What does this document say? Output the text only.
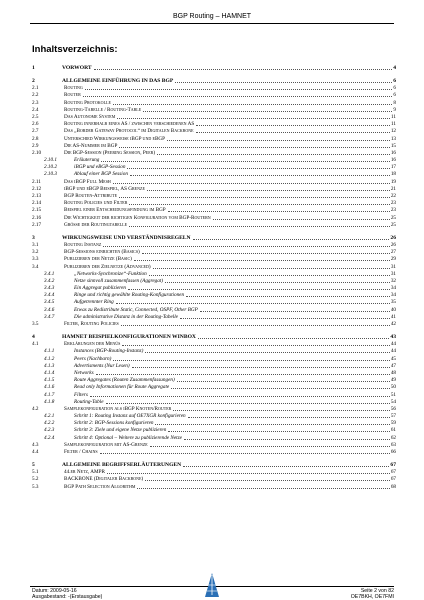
BGP Routing – HAMNET
Inhaltsverzeichnis:
1	VORWORT	4
2	ALLGEMEINE EINFÜHRUNG IN DAS BGP	6
2.1	Routing	6
2.2	Router	6
2.3	Routing Protokolle	8
2.4	Routing-Tabelle / Routing-Table	9
2.5	Das Autonome System	11
2.6	Routing innerhalb eines AS / zwischen verschiedenen AS	11
2.7	Das „Border Gateway Protocol“ im Digitalen Backbone	12
2.8	Unterschied Wirkungsweise iBGP und eBGP	13
2.9	Die AS-Nummer im BGP	15
2.10	Die BGP-Session (Peering Session, Peer)	16
2.10.1	Erläuterung	16
2.10.2	iBGP und eBGP-Session	17
2.10.3	Ablauf einer BGP Session	18
2.11	Das iBGP Full Mesh	19
2.12	iBGP und eBGP Beispiel, AS Grenze	21
2.13	BGP Routen-Attribute	22
2.14	Routing Policies und Filter	23
2.15	Beispiel einer Entscheidungsfindung im BGP	23
2.16	Die Wichtigkeit der richtigen Konfiguration vom BGP-Routern	25
2.17	Grösse der Routingtabelle	25
3	WIRKUNGSWEISE UND VERSTÄNDNISREGELN	26
3.1	Routing Instanz	26
3.2	BGP-Sessions einrichten (Basics)	27
3.3	Publizieren der Netze (Basic)	29
3.4	Publizieren der Zielnetze (Advanced)	31
3.4.1	„Networks-Synchronize“-Funktion	31
3.4.2	Netze sinnvoll zusammenfassen (Aggregat)	32
3.4.3	Ein Aggregat publizieren	34
3.4.4	Ringe und richtig gewählte Routing-Konfigurationen	34
3.4.5	Aufgetrennter Ring	35
3.4.6	Etwas zu Redistribute Static, Connected, OSPF, Other BGP	40
3.4.7	Die administrative Distanz in der Routing-Tabelle	41
3.5	Filter, Routing Policies	42
4	HAMNET BEISPIELKONFIGURATIONEN WINBOX	43
4.1	Erklärungen der Menüs	44
4.1.1	Instances (BGP-Routing-Instanz)	44
4.1.2	Peers (Nachbarn)	45
4.1.3	Advertisments (Nur Lesen)	47
4.1.4	Networks	48
4.1.5	Route Aggregates (Routen Zusammenfassungen)	49
4.1.6	Read only Informationen für Route Aggregate	50
4.1.7	Filters	51
4.1.8	Routing-Table	54
4.2	Samplekonfiguration als iBGP Knoten/Router	56
4.2.1	Schritt 1: Routing Instanz auf OE7XGR konfigurieren	57
4.2.2	Schritt 2: BGP-Sessions konfigurieren	59
4.2.3	Schritt 3: Ziele und eigene Netze publizieren	61
4.2.4	Schritt 4: Optional – Weitere zu publizierende Netze	62
4.3	Samplekonfiguration mit AS-Grenze	63
4.4	Filter / Chains	66
5	ALLGEMEINE BEGRIFFSERLÄUTERUNGEN	67
5.1	44.er Netz, AMPR	67
5.2	BACKBONE (Digitaler Backbone)	67
5.3	BGP Path Selection Algorithm	68
Datum: 2009-05-16
Ausgabestand: -(Erstausgabe)
Seite 2 von 82
OE7BKH, OE7FMI
